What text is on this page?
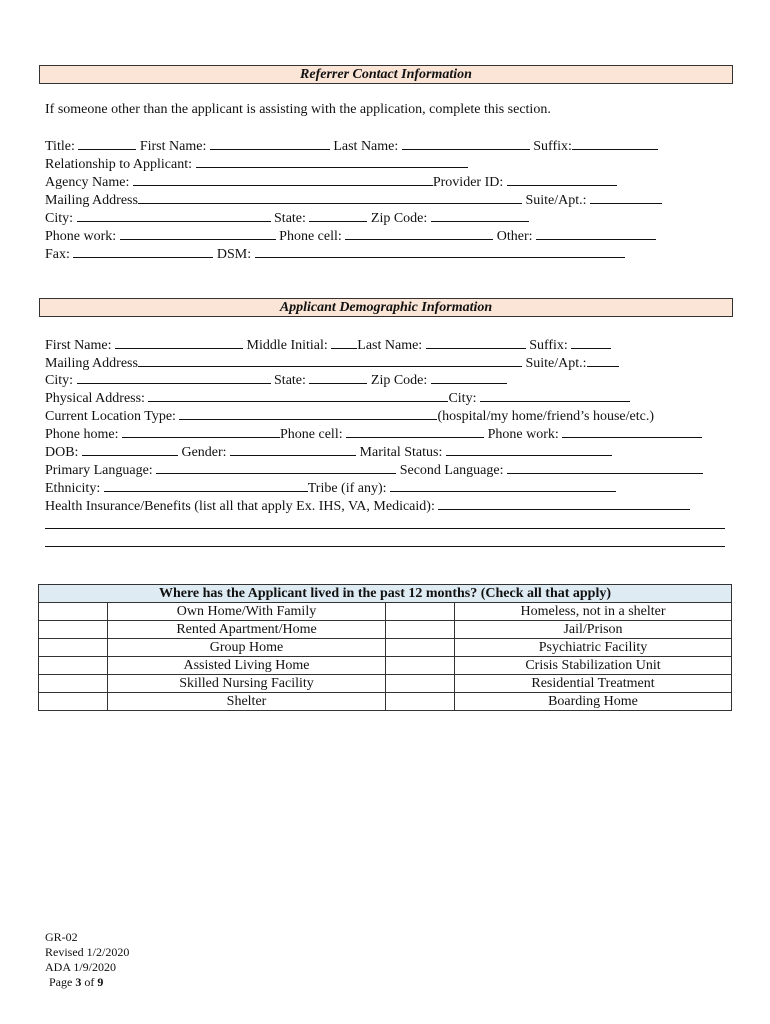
Referrer Contact Information
If someone other than the applicant is assisting with the application, complete this section.
Title:	First Name:	Last Name:	Suffix:
Relationship to Applicant:
Agency Name:	Provider ID:
Mailing Address	Suite/Apt.:
City:	State:	Zip Code:
Phone work:	Phone cell:	Other:
Fax:	DSM:
Applicant Demographic Information
First Name:	Middle Initial: Last Name:	Suffix:
Mailing Address	Suite/Apt.:
City:	State:	Zip Code:
Physical Address:	City:
Current Location Type:	(hospital/my home/friend’s house/etc.)
Phone home:	Phone cell:	Phone work:
DOB:	Gender:	Marital Status:
Primary Language:	Second Language:
Ethnicity:	Tribe (if any):
Health Insurance/Benefits (list all that apply Ex. IHS, VA, Medicaid):
Where has the Applicant lived in the past 12 months? (Check all that apply)			
	Own Home/With Family		Homeless, not in a shelter
	Rented Apartment/Home		Jail/Prison
	Group Home		Psychiatric Facility
	Assisted Living Home		Crisis Stabilization Unit
	Skilled Nursing Facility		Residential Treatment
	Shelter		Boarding Home
GR-02
Revised 1/2/2020
ADA 1/9/2020
Page 3 of 9
